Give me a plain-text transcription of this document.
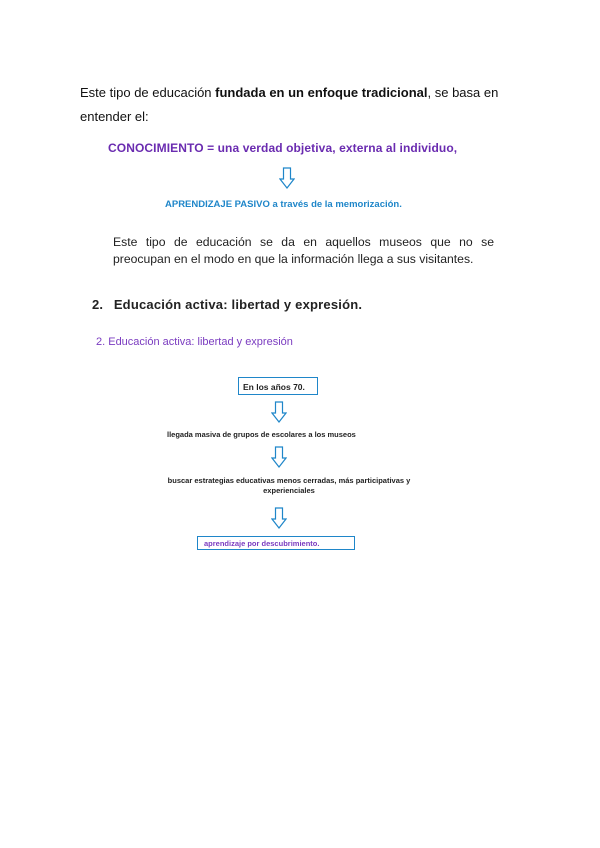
Este tipo de educación fundada en un enfoque tradicional, se basa en entender el:
CONOCIMIENTO = una verdad objetiva, externa al individuo,
APRENDIZAJE PASIVO a través de la memorización.
Este tipo de educación se da en aquellos museos que no se preocupan en el modo en que la información llega a sus visitantes.
2. Educación activa: libertad y expresión.
2. Educación activa: libertad y expresión
En los años 70.
llegada masiva de grupos de escolares a los museos
buscar estrategias educativas menos cerradas, más participativas y experienciales
aprendizaje por descubrimiento.
